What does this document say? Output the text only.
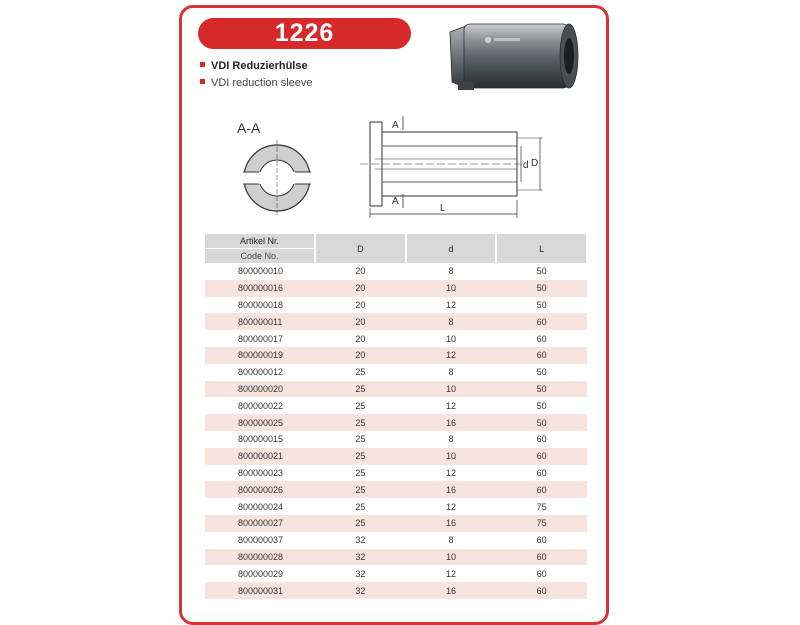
1226
VDI Reduzierhülse
VDI reduction sleeve
A-A	A
A
L
d D
Artikel Nr.
Code No.	D	d	L
800000010	20	8	50
800000016	20	10	50
800000018	20	12	50
800000011	20	8	60
800000017	20	10	60
800000019	20	12	60
800000012	25	8	50
800000020	25	10	50
800000022	25	12	50
800000025	25	16	50
800000015	25	8	60
800000021	25	10	60
800000023	25	12	60
800000026	25	16	60
800000024	25	12	75
800000027	25	16	75
800000037	32	8	60
800000028	32	10	60
800000029	32	12	60
800000031	32	16	60
